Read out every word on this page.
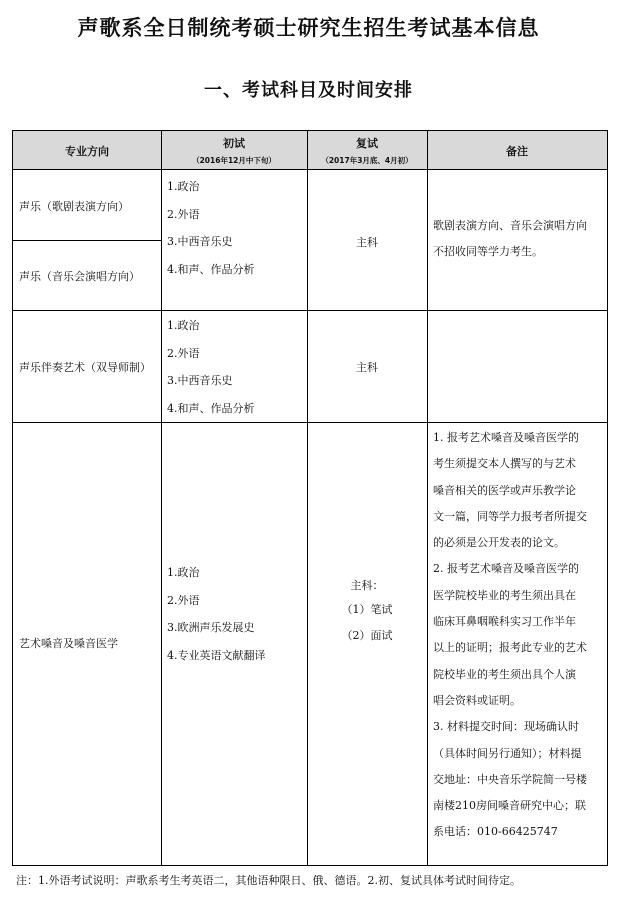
声歌系全日制统考硕士研究生招生考试基本信息
一、考试科目及时间安排
专业方向
初试
（2016年12月中下旬）
复试
（2017年3月底、4月初）
备注
声乐（歌剧表演方向）
声乐（音乐会演唱方向）
1.政治
2.外语
3.中西音乐史
4.和声、作品分析
主科
歌剧表演方向、音乐会演唱方向
不招收同等学力考生。
声乐伴奏艺术（双导师制）
1.政治
2.外语
3.中西音乐史
4.和声、作品分析
主科
艺术嗓音及嗓音医学
1.政治
2.外语
3.欧洲声乐发展史
4.专业英语文献翻译
主科：
（1）笔试
（2）面试
1. 报考艺术嗓音及嗓音医学的
考生须提交本人撰写的与艺术
嗓音相关的医学或声乐教学论
文一篇，同等学力报考者所提交
的必须是公开发表的论文。
2. 报考艺术嗓音及嗓音医学的
医学院校毕业的考生须出具在
临床耳鼻咽喉科实习工作半年
以上的证明；报考此专业的艺术
院校毕业的考生须出具个人演
唱会资料或证明。
3. 材料提交时间：现场确认时
（具体时间另行通知）；材料提
交地址：中央音乐学院简一号楼
南楼210房间嗓音研究中心；联
系电话：010-66425747
注：1.外语考试说明：声歌系考生考英语二，其他语种限日、俄、德语。2.初、复试具体考试时间待定。
